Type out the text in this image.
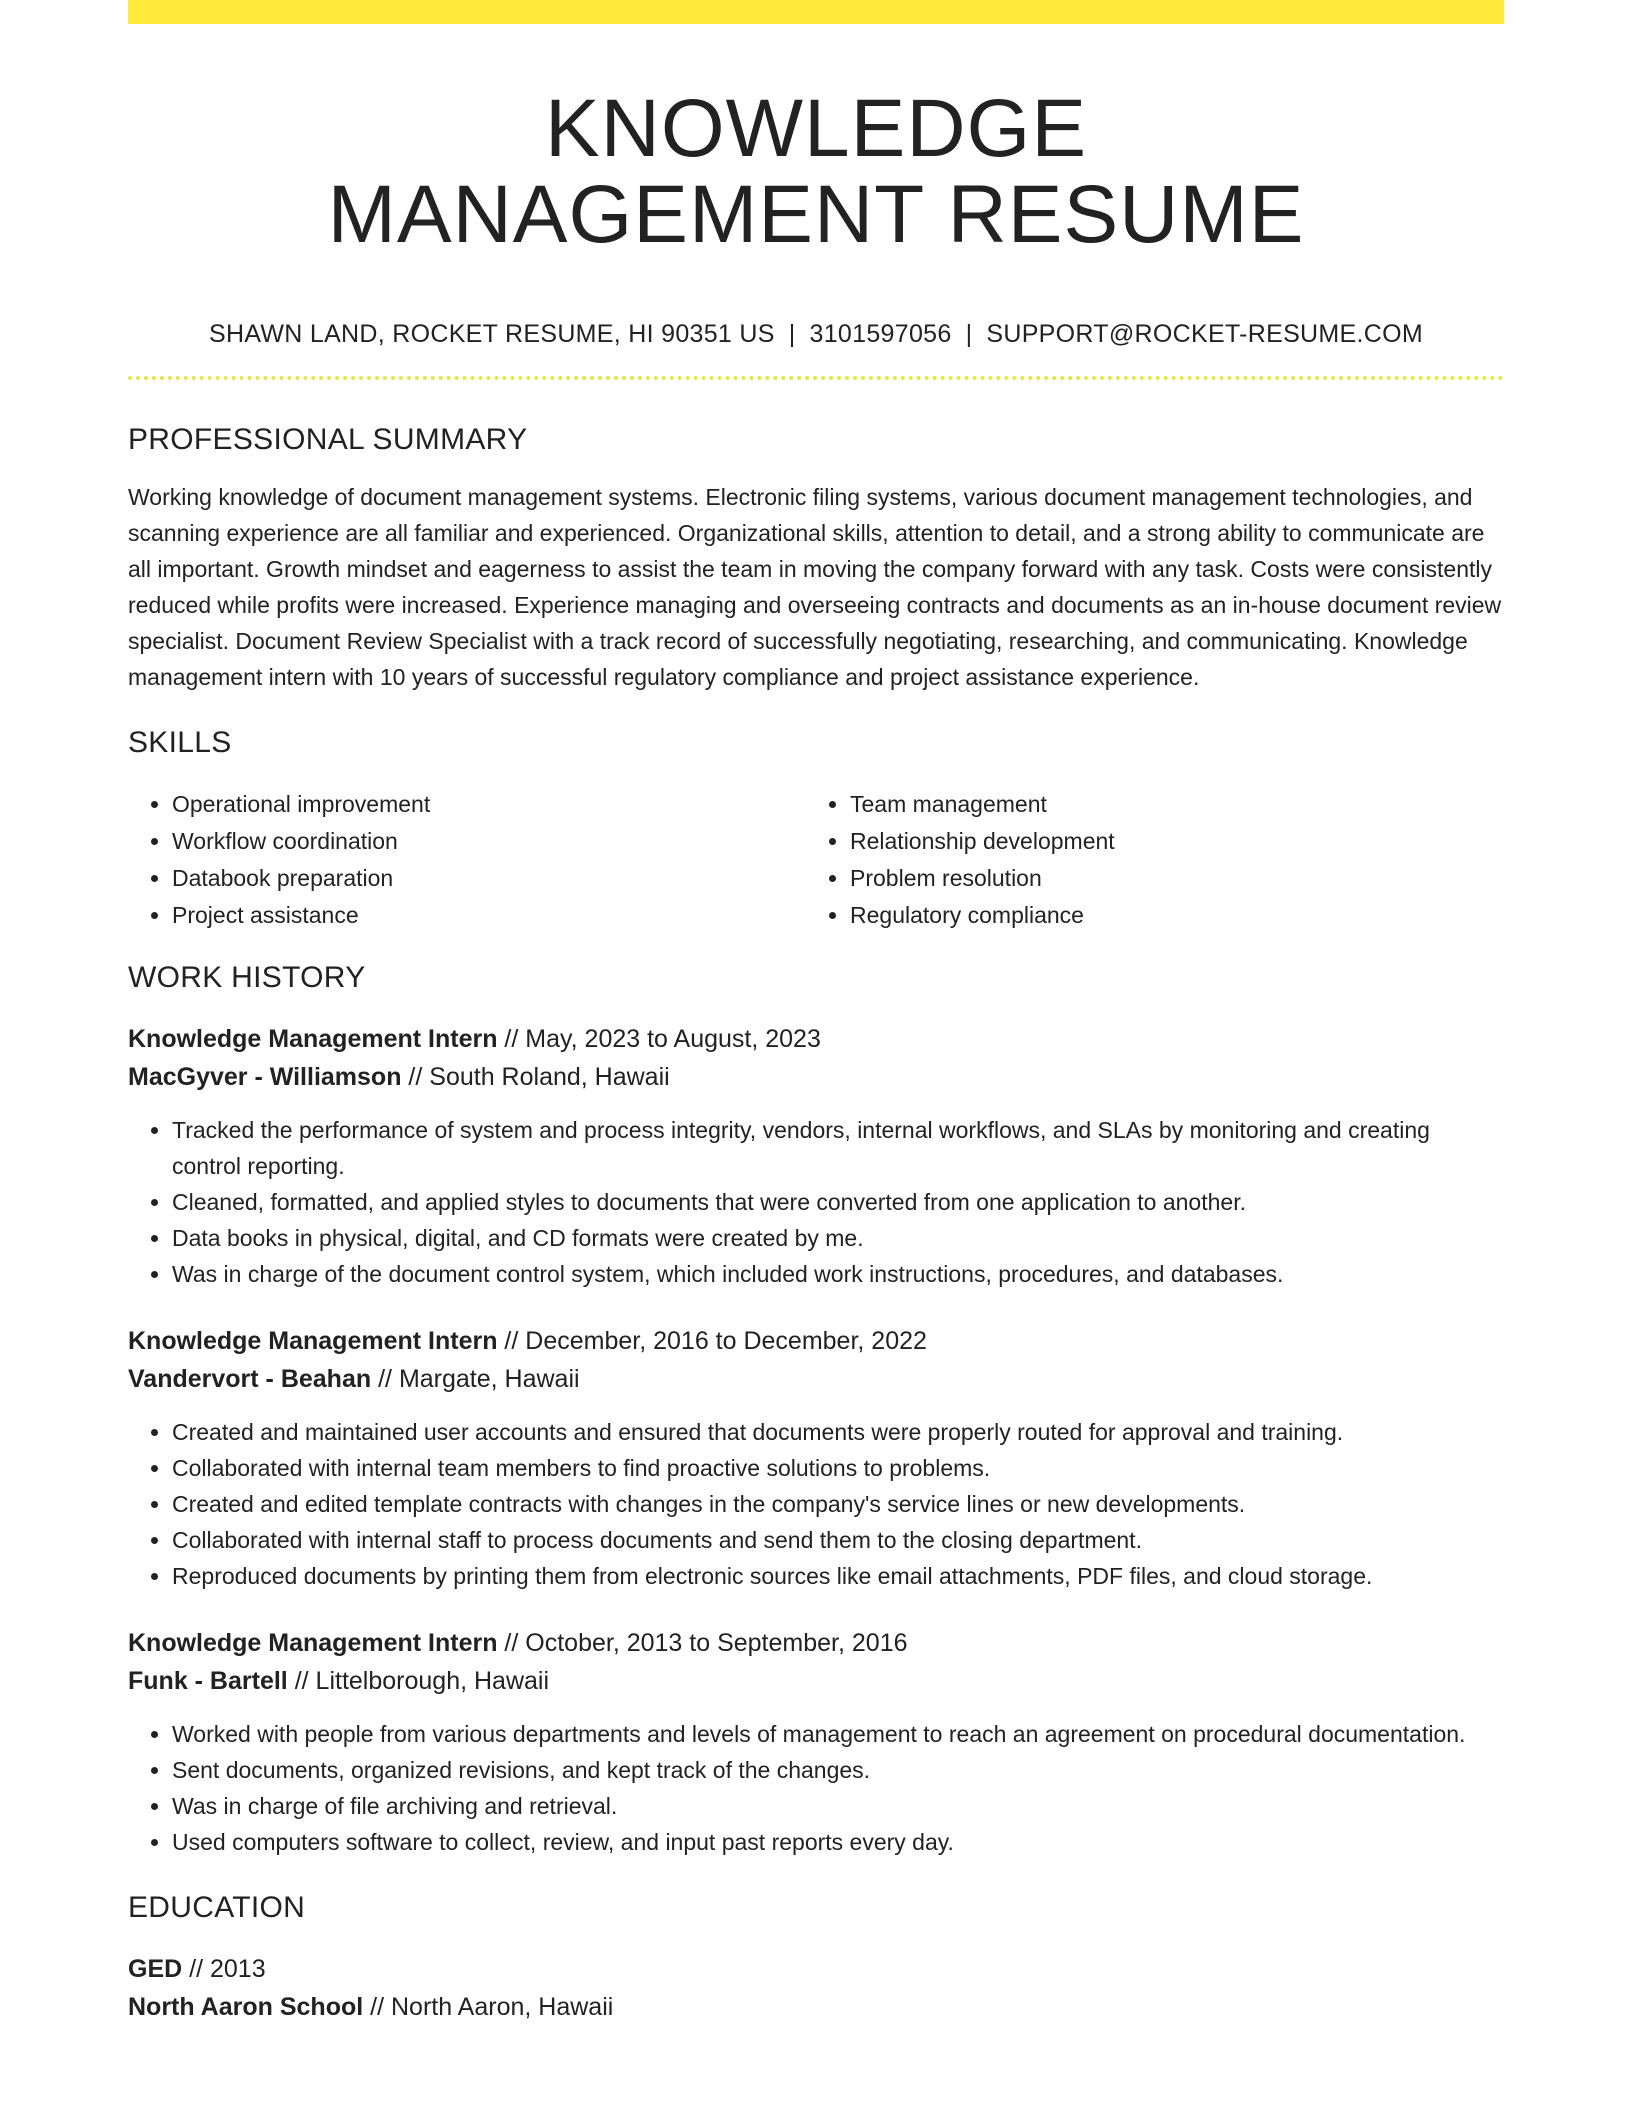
KNOWLEDGE
MANAGEMENT RESUME
SHAWN LAND, ROCKET RESUME, HI 90351 US | 3101597056 | SUPPORT@ROCKET-RESUME.COM
PROFESSIONAL SUMMARY

Working knowledge of document management systems. Electronic filing systems, various document management technologies, and scanning experience are all familiar and experienced. Organizational skills, attention to detail, and a strong ability to communicate are all important. Growth mindset and eagerness to assist the team in moving the company forward with any task. Costs were consistently reduced while profits were increased. Experience managing and overseeing contracts and documents as an in-house document review specialist. Document Review Specialist with a track record of successfully negotiating, researching, and communicating. Knowledge management intern with 10 years of successful regulatory compliance and project assistance experience.

SKILLS
• Operational improvement
• Workflow coordination
• Databook preparation
• Project assistance
• Team management
• Relationship development
• Problem resolution
• Regulatory compliance
WORK HISTORY
Knowledge Management Intern // May, 2023 to August, 2023
MacGyver - Williamson // South Roland, Hawaii
• Tracked the performance of system and process integrity, vendors, internal workflows, and SLAs by monitoring and creating control reporting.
• Cleaned, formatted, and applied styles to documents that were converted from one application to another.
• Data books in physical, digital, and CD formats were created by me.
• Was in charge of the document control system, which included work instructions, procedures, and databases.
Knowledge Management Intern // December, 2016 to December, 2022
Vandervort - Beahan // Margate, Hawaii
• Created and maintained user accounts and ensured that documents were properly routed for approval and training.
• Collaborated with internal team members to find proactive solutions to problems.
• Created and edited template contracts with changes in the company's service lines or new developments.
• Collaborated with internal staff to process documents and send them to the closing department.
• Reproduced documents by printing them from electronic sources like email attachments, PDF files, and cloud storage.
Knowledge Management Intern // October, 2013 to September, 2016
Funk - Bartell // Littelborough, Hawaii
• Worked with people from various departments and levels of management to reach an agreement on procedural documentation.
• Sent documents, organized revisions, and kept track of the changes.
• Was in charge of file archiving and retrieval.
• Used computers software to collect, review, and input past reports every day.
EDUCATION
GED // 2013
North Aaron School // North Aaron, Hawaii
